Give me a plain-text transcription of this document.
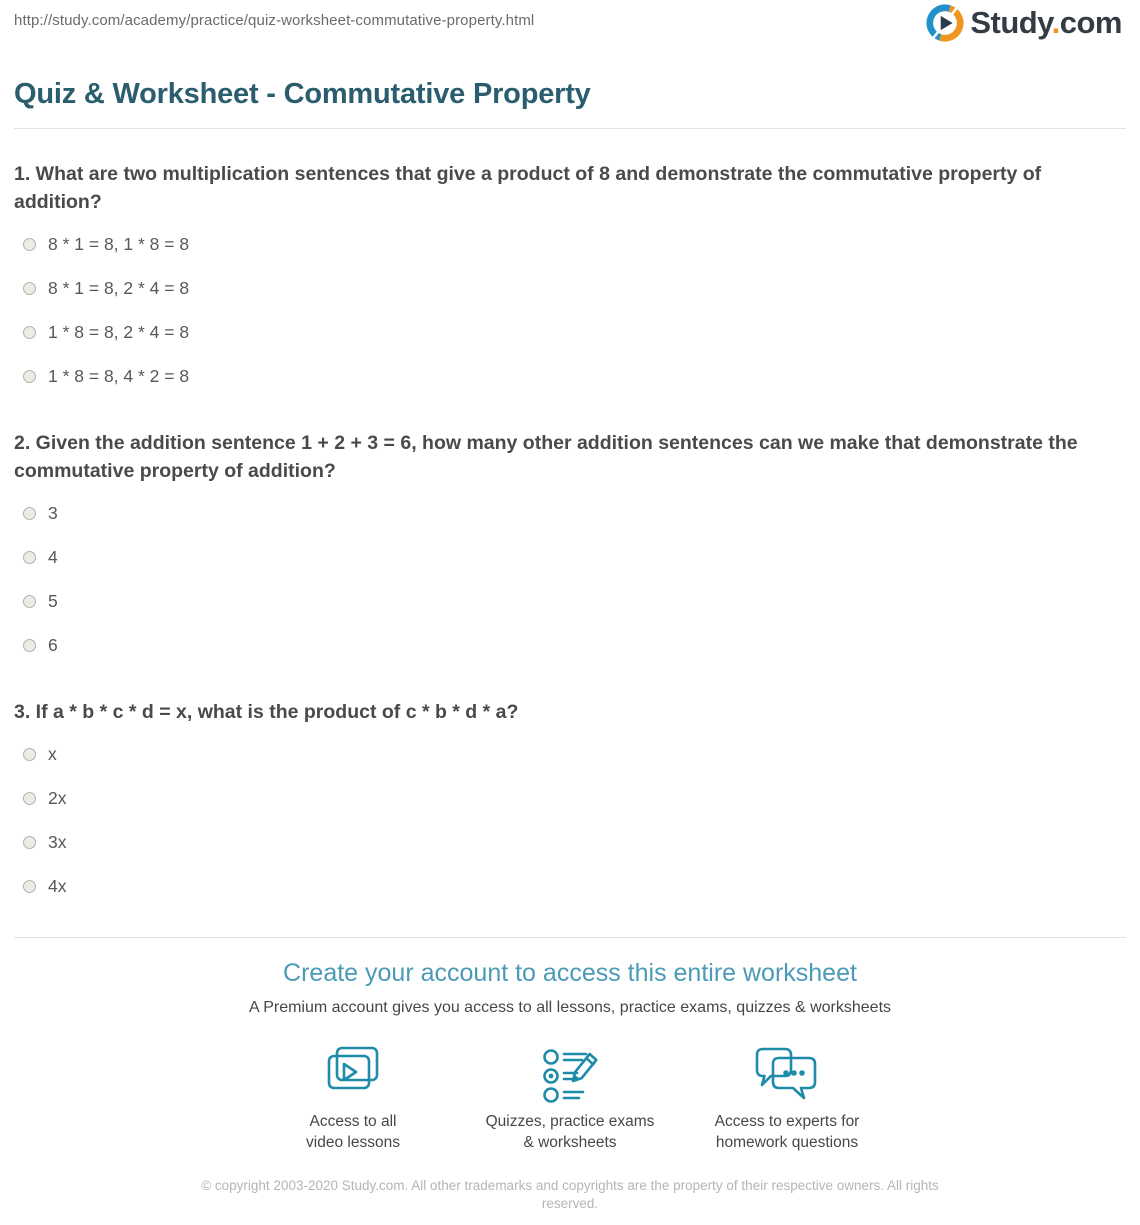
http://study.com/academy/practice/quiz-worksheet-commutative-property.html	Study.com
Quiz & Worksheet - Commutative Property
1. What are two multiplication sentences that give a product of 8 and demonstrate the commutative property of addition?
8 * 1 = 8, 1 * 8 = 8
8 * 1 = 8, 2 * 4 = 8
1 * 8 = 8, 2 * 4 = 8
1 * 8 = 8, 4 * 2 = 8
2. Given the addition sentence 1 + 2 + 3 = 6, how many other addition sentences can we make that demonstrate the commutative property of addition?
3
4
5
6
3. If a * b * c * d = x, what is the product of c * b * d * a?
x
2x
3x
4x
Create your account to access this entire worksheet
A Premium account gives you access to all lessons, practice exams, quizzes & worksheets
Access to all
video lessons
Quizzes, practice exams
& worksheets
Access to experts for
homework questions
© copyright 2003-2020 Study.com. All other trademarks and copyrights are the property of their respective owners. All rights reserved.
